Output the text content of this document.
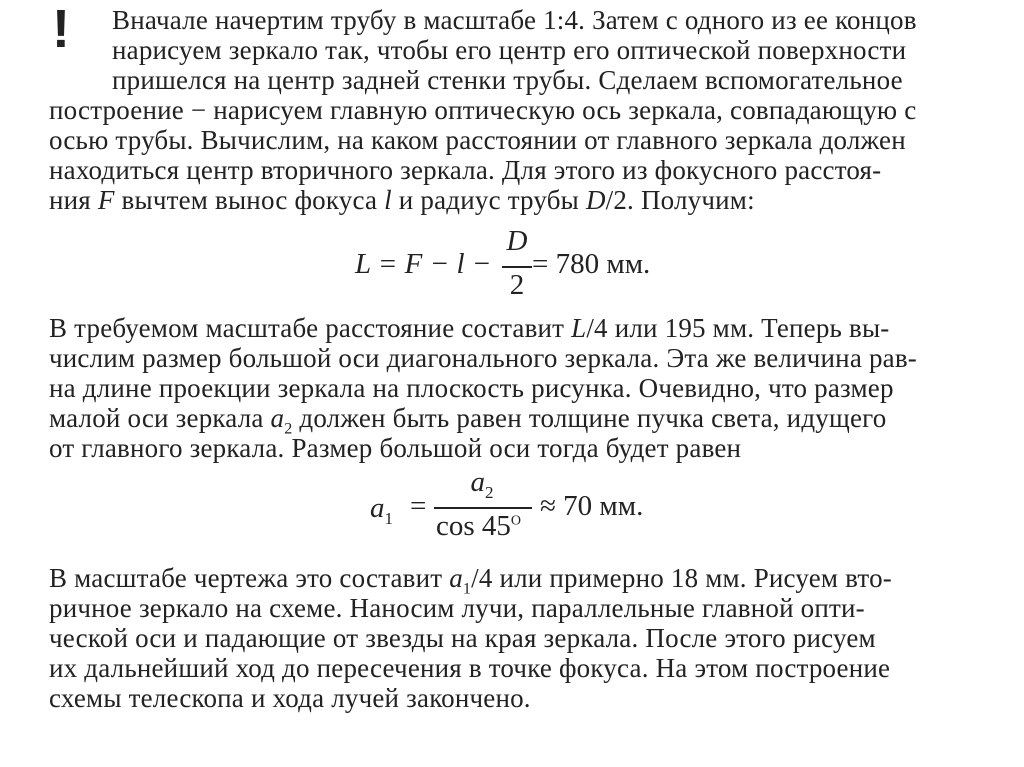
! Вначале начертим трубу в масштабе 1:4. Затем с одного из ее концов
нарисуем зеркало так, чтобы его центр его оптической поверхности
пришелся на центр задней стенки трубы. Сделаем вспомогательное
построение − нарисуем главную оптическую ось зеркала, совпадающую с
осью трубы. Вычислим, на каком расстоянии от главного зеркала должен
находиться центр вторичного зеркала. Для этого из фокусного расстоя-
ния F вычтем вынос фокуса l и радиус трубы D/2. Получим:
L = F − l −
D
2
= 780 мм.
В требуемом масштабе расстояние составит L/4 или 195 мм. Теперь вы-
числим размер большой оси диагонального зеркала. Эта же величина рав-
на длине проекции зеркала на плоскость рисунка. Очевидно, что размер
малой оси зеркала $a_2$ должен быть равен толщине пучка света, идущего
от главного зеркала. Размер большой оси тогда будет равен
$a_1$ =
$a_2$
$\cos 45^O \approx 70$ мм.
В масштабе чертежа это составит $a_1/4$ или примерно 18 мм. Рисуем вто-
ричное зеркало на схеме. Наносим лучи, параллельные главной опти-
ческой оси и падающие от звезды на края зеркала. После этого рисуем
их дальнейший ход до пересечения в точке фокуса. На этом построение
схемы телескопа и хода лучей закончено.
